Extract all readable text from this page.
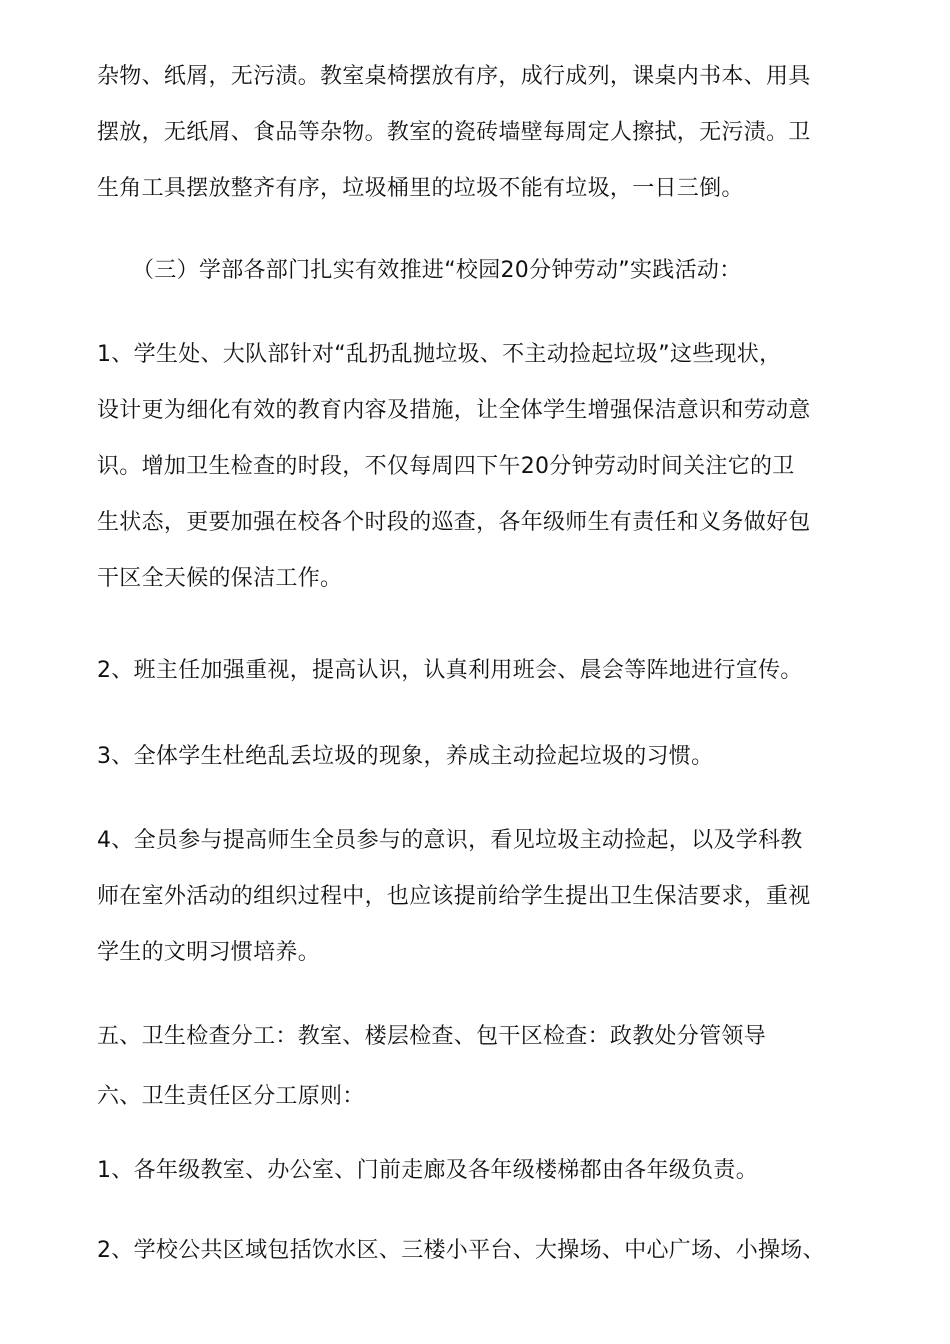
杂物、纸屑，无污渍。教室桌椅摆放有序，成行成列，课桌内书本、用具
摆放，无纸屑、食品等杂物。教室的瓷砖墙壁每周定人擦拭，无污渍。卫
生角工具摆放整齐有序，垃圾桶里的垃圾不能有垃圾，一日三倒。
（三）学部各部门扎实有效推进“校园20分钟劳动”实践活动：
1、学生处、大队部针对“乱扔乱抛垃圾、不主动捡起垃圾”这些现状，
设计更为细化有效的教育内容及措施，让全体学生增强保洁意识和劳动意
识。增加卫生检查的时段，不仅每周四下午20分钟劳动时间关注它的卫
生状态，更要加强在校各个时段的巡查，各年级师生有责任和义务做好包
干区全天候的保洁工作。
2、班主任加强重视，提高认识，认真利用班会、晨会等阵地进行宣传。
3、全体学生杜绝乱丢垃圾的现象，养成主动捡起垃圾的习惯。
4、全员参与提高师生全员参与的意识，看见垃圾主动捡起，以及学科教
师在室外活动的组织过程中，也应该提前给学生提出卫生保洁要求，重视
学生的文明习惯培养。
五、卫生检查分工：教室、楼层检查、包干区检查：政教处分管领导
六、卫生责任区分工原则：
1、各年级教室、办公室、门前走廊及各年级楼梯都由各年级负责。
2、学校公共区域包括饮水区、三楼小平台、大操场、中心广场、小操场、
